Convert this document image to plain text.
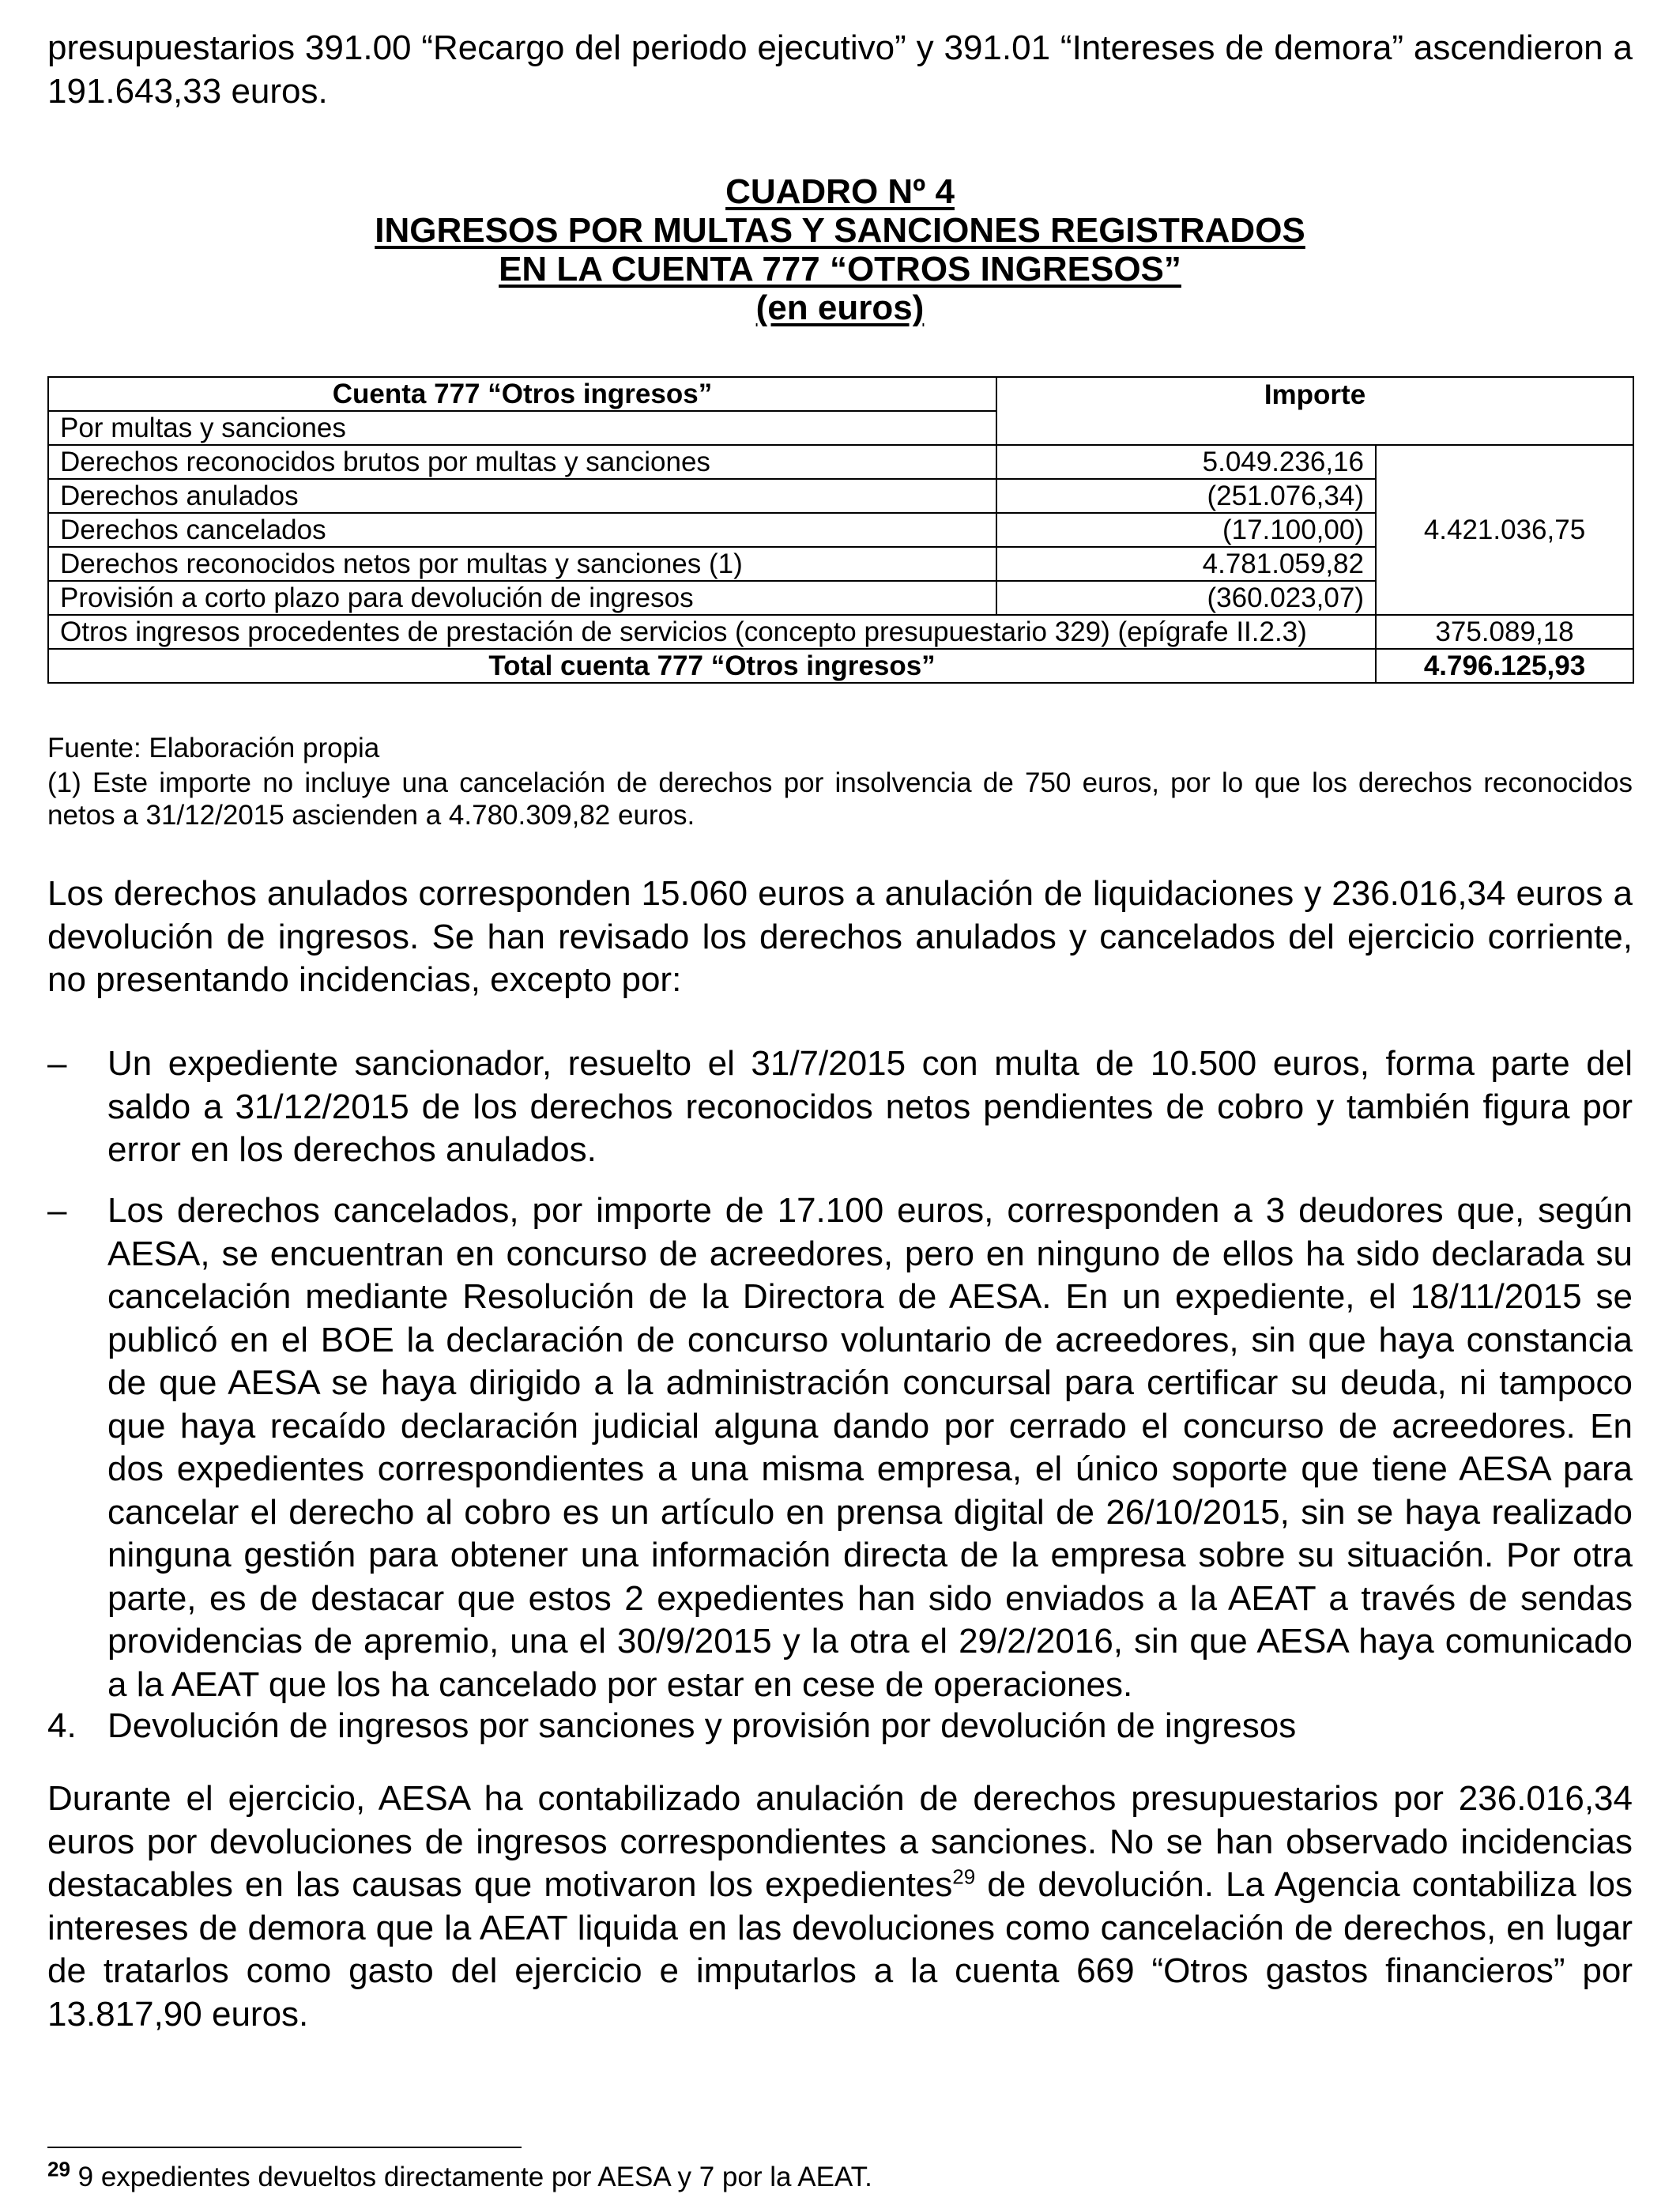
presupuestarios 391.00 “Recargo del periodo ejecutivo” y 391.01 “Intereses de demora” ascendieron a 191.643,33 euros.

CUADRO Nº 4
INGRESOS POR MULTAS Y SANCIONES REGISTRADOS
EN LA CUENTA 777 “OTROS INGRESOS”
(en euros)
Cuenta 777 “Otros ingresos”	Importe	
Por multas y sanciones		
Derechos reconocidos brutos por multas y sanciones	5.049.236,16	4.421.036,75
Derechos anulados	(251.076,34)	
Derechos cancelados	(17.100,00)	
Derechos reconocidos netos por multas y sanciones (1)	4.781.059,82	
Provisión a corto plazo para devolución de ingresos	(360.023,07)	
Otros ingresos procedentes de prestación de servicios (concepto presupuestario 329) (epígrafe II.2.3)		375.089,18
Total cuenta 777 “Otros ingresos”		4.796.125,93

Fuente: Elaboración propia

(1) Este importe no incluye una cancelación de derechos por insolvencia de 750 euros, por lo que los derechos reconocidos netos a 31/12/2015 ascienden a 4.780.309,82 euros.

Los derechos anulados corresponden 15.060 euros a anulación de liquidaciones y 236.016,34 euros a devolución de ingresos. Se han revisado los derechos anulados y cancelados del ejercicio corriente, no presentando incidencias, excepto por:

– Un expediente sancionador, resuelto el 31/7/2015 con multa de 10.500 euros, forma parte del saldo a 31/12/2015 de los derechos reconocidos netos pendientes de cobro y también figura por error en los derechos anulados.

– Los derechos cancelados, por importe de 17.100 euros, corresponden a 3 deudores que, según AESA, se encuentran en concurso de acreedores, pero en ninguno de ellos ha sido declarada su cancelación mediante Resolución de la Directora de AESA. En un expediente, el 18/11/2015 se publicó en el BOE la declaración de concurso voluntario de acreedores, sin que haya constancia de que AESA se haya dirigido a la administración concursal para certificar su deuda, ni tampoco que haya recaído declaración judicial alguna dando por cerrado el concurso de acreedores. En dos expedientes correspondientes a una misma empresa, el único soporte que tiene AESA para cancelar el derecho al cobro es un artículo en prensa digital de 26/10/2015, sin se haya realizado ninguna gestión para obtener una información directa de la empresa sobre su situación. Por otra parte, es de destacar que estos 2 expedientes han sido enviados a la AEAT a través de sendas providencias de apremio, una el 30/9/2015 y la otra el 29/2/2016, sin que AESA haya comunicado a la AEAT que los ha cancelado por estar en cese de operaciones.

4. Devolución de ingresos por sanciones y provisión por devolución de ingresos

Durante el ejercicio, AESA ha contabilizado anulación de derechos presupuestarios por 236.016,34 euros por devoluciones de ingresos correspondientes a sanciones. No se han observado incidencias destacables en las causas que motivaron los expedientes$^{29}$ de devolución. La Agencia contabiliza los intereses de demora que la AEAT liquida en las devoluciones como cancelación de derechos, en lugar de tratarlos como gasto del ejercicio e imputarlos a la cuenta 669 “Otros gastos financieros” por 13.817,90 euros.

$^{29}$ 9 expedientes devueltos directamente por AESA y 7 por la AEAT.
